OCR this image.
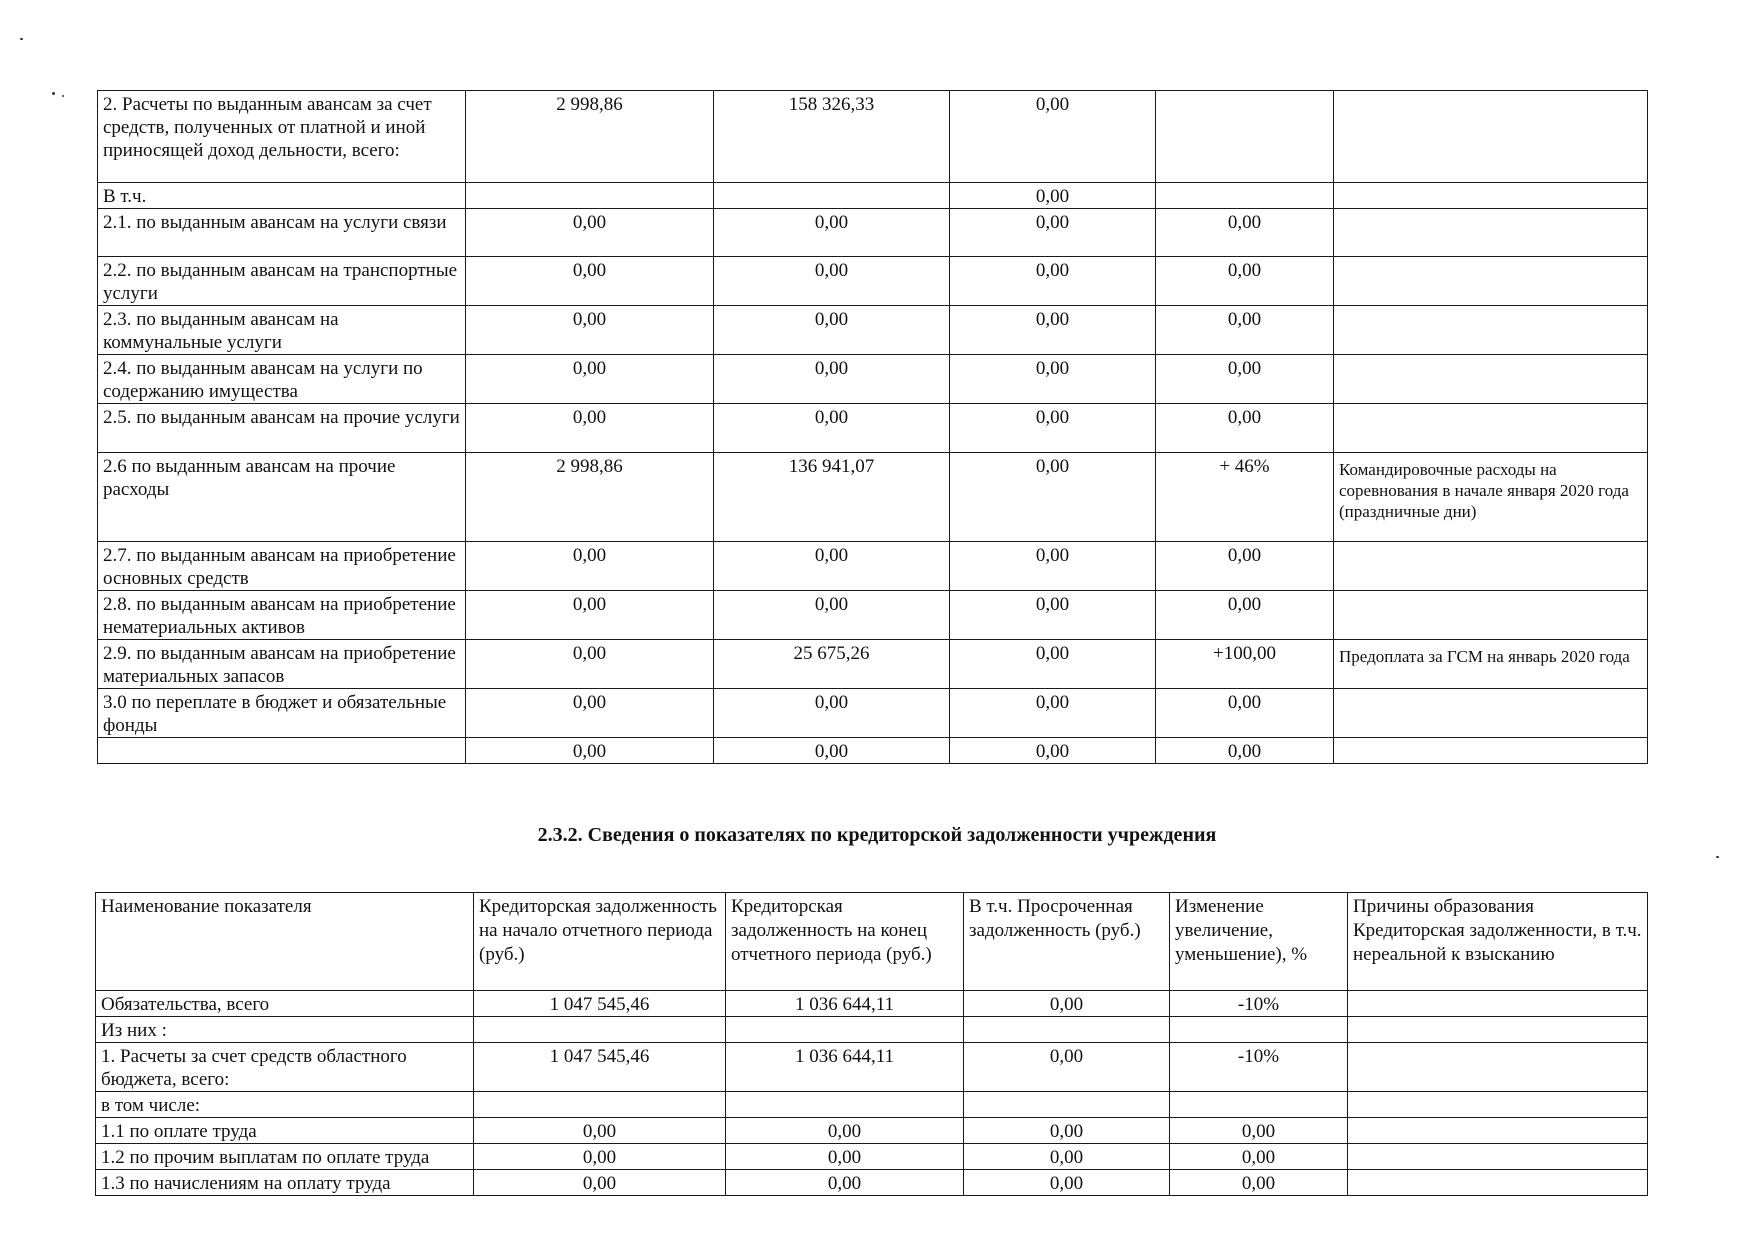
2. Расчеты по выданным авансам за счет средств, полученных от платной и иной приносящей доход дельности, всего:	2 998,86	158 326,33	0,00		
В т.ч.			0,00		
2.1. по выданным авансам на услуги связи	0,00	0,00	0,00	0,00	
2.2. по выданным авансам на транспортные услуги	0,00	0,00	0,00	0,00	
2.3. по выданным авансам на коммунальные услуги	0,00	0,00	0,00	0,00	
2.4. по выданным авансам на услуги по содержанию имущества	0,00	0,00	0,00	0,00	
2.5. по выданным авансам на прочие услуги	0,00	0,00	0,00	0,00	
2.6 по выданным авансам на прочие расходы	2 998,86	136 941,07	0,00	+ 46%	Командировочные расходы на соревнования в начале января 2020 года (праздничные дни)
2.7. по выданным авансам на приобретение основных средств	0,00	0,00	0,00	0,00	
2.8. по выданным авансам на приобретение нематериальных активов	0,00	0,00	0,00	0,00	
2.9. по выданным авансам на приобретение материальных запасов	0,00	25 675,26	0,00	+100,00	Предоплата за ГСМ на январь 2020 года
3.0 по переплате в бюджет и обязательные фонды	0,00	0,00	0,00	0,00	
	0,00	0,00	0,00	0,00	
2.3.2. Сведения о показателях по кредиторской задолженности учреждения
Наименование показателя	Кредиторская задолженность на начало отчетного периода (руб.)	Кредиторская задолженность на конец отчетного периода (руб.)	В т.ч. Просроченная задолженность (руб.)	Изменение увеличение, уменьшение), %	Причины образования Кредиторская задолженности, в т.ч. нереальной к взысканию
Обязательства, всего	1 047 545,46	1 036 644,11	0,00	-10%	
Из них :					
1. Расчеты за счет средств областного бюджета, всего:	1 047 545,46	1 036 644,11	0,00	-10%	
в том числе:					
1.1 по оплате труда	0,00	0,00	0,00	0,00	
1.2 по прочим выплатам по оплате труда	0,00	0,00	0,00	0,00	
1.3 по начислениям на оплату труда	0,00	0,00	0,00	0,00	
